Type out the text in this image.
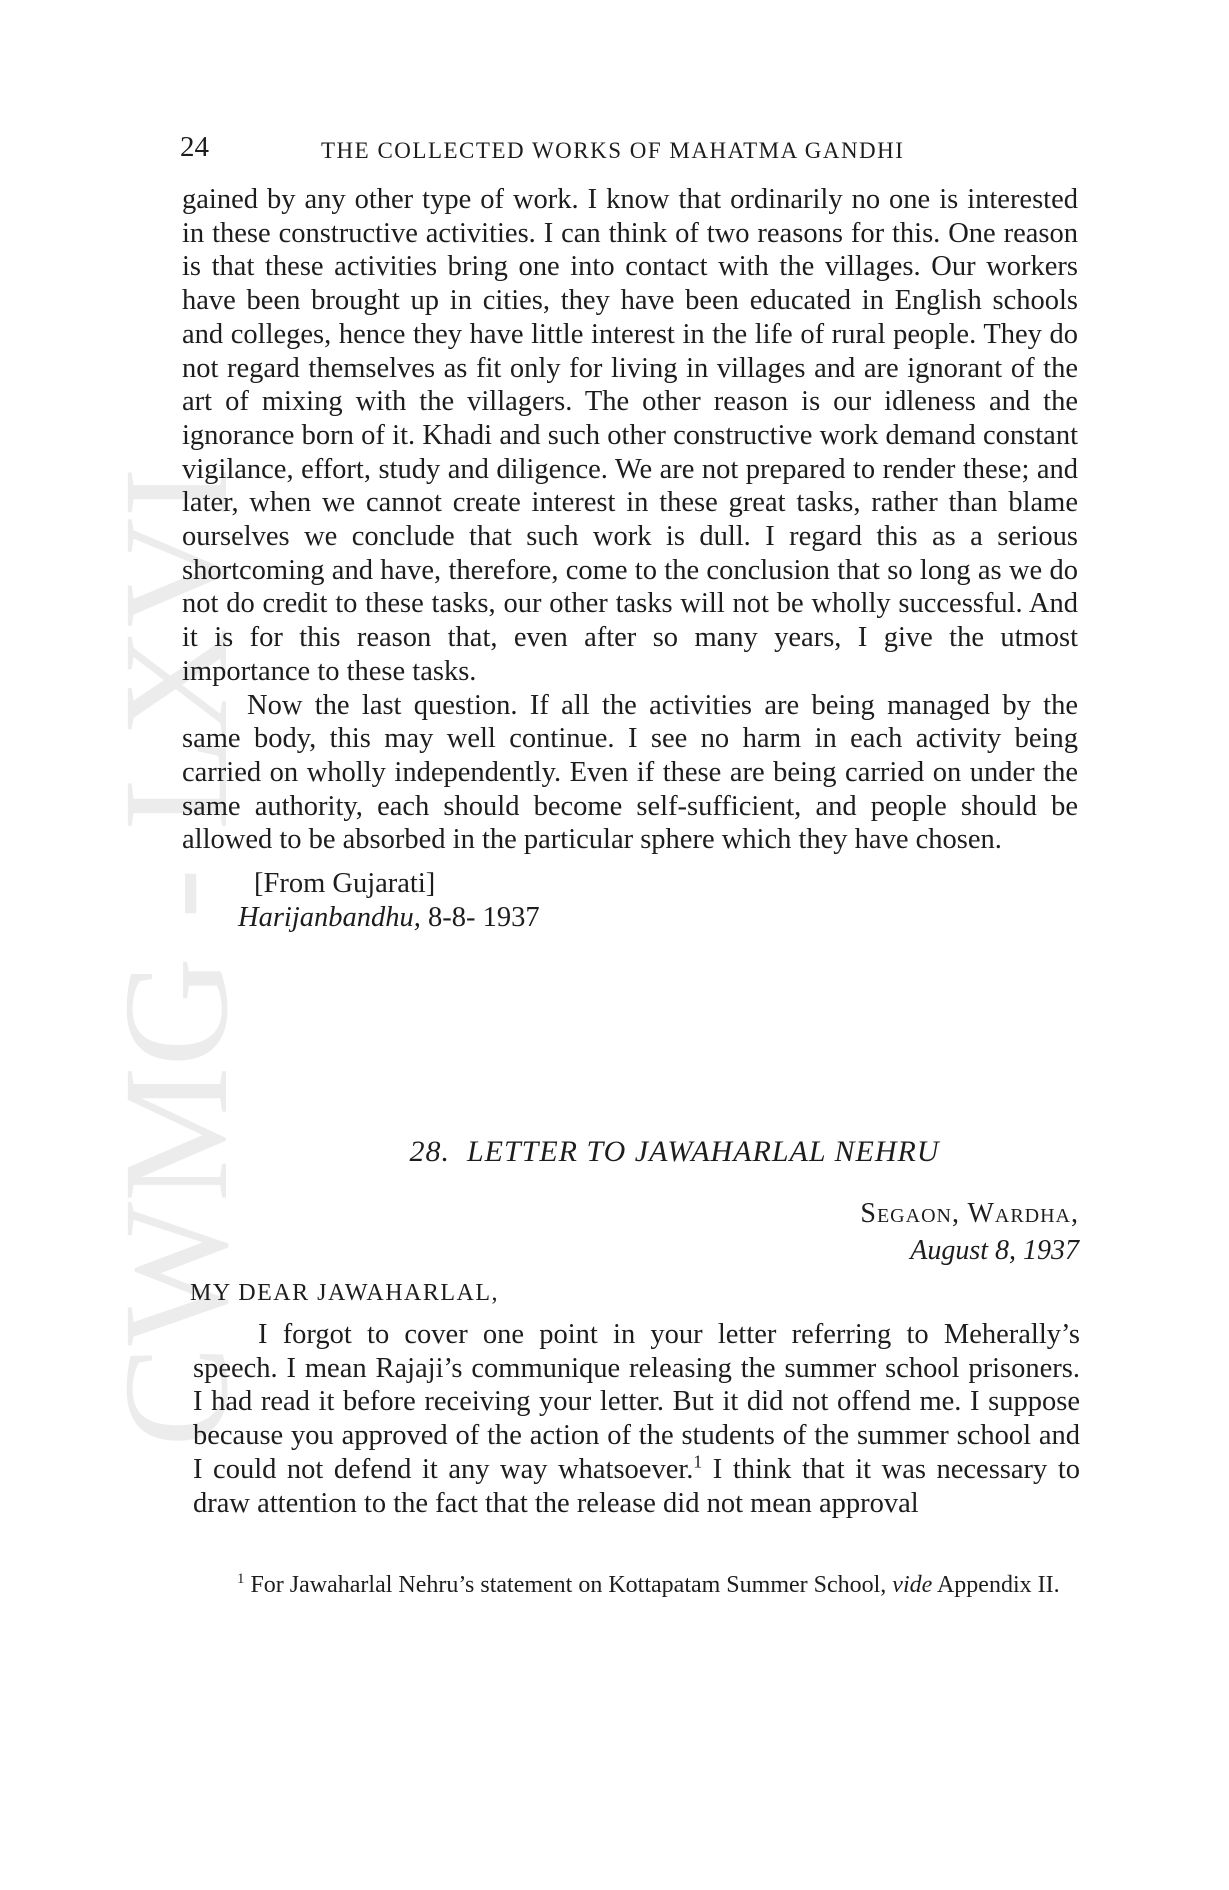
CWMG - LXVI
24	THE COLLECTED WORKS OF MAHATMA GANDHI

gained by any other type of work. I know that ordinarily no one is interested in these constructive activities. I can think of two reasons for this. One reason is that these activities bring one into contact with the villages. Our workers have been brought up in cities, they have been educated in English schools and colleges, hence they have little interest in the life of rural people. They do not regard themselves as fit only for living in villages and are ignorant of the art of mixing with the villagers. The other reason is our idleness and the ignorance born of it. Khadi and such other constructive work demand constant vigilance, effort, study and diligence. We are not prepared to render these; and later, when we cannot create interest in these great tasks, rather than blame ourselves we conclude that such work is dull. I regard this as a serious shortcoming and have, therefore, come to the conclusion that so long as we do not do credit to these tasks, our other tasks will not be wholly successful. And it is for this reason that, even after so many years, I give the utmost importance to these tasks.

Now the last question. If all the activities are being managed by the same body, this may well continue. I see no harm in each activity being carried on wholly independently. Even if these are being carried on under the same authority, each should become self-sufficient, and people should be allowed to be absorbed in the particular sphere which they have chosen.

[From Gujarati]
Harijanbandhu, 8-8- 1937
28. LETTER TO JAWAHARLAL NEHRU
Segaon, Wardha,
August 8, 1937
MY DEAR JAWAHARLAL,

I forgot to cover one point in your letter referring to Meherally’s speech. I mean Rajaji’s communique releasing the summer school prisoners. I had read it before receiving your letter. But it did not offend me. I suppose because you approved of the action of the students of the summer school and I could not defend it any way whatsoever.$^1$ I think that it was necessary to draw attention to the fact that the release did not mean approval

$^1$ For Jawaharlal Nehru’s statement on Kottapatam Summer School, vide Appendix II.
